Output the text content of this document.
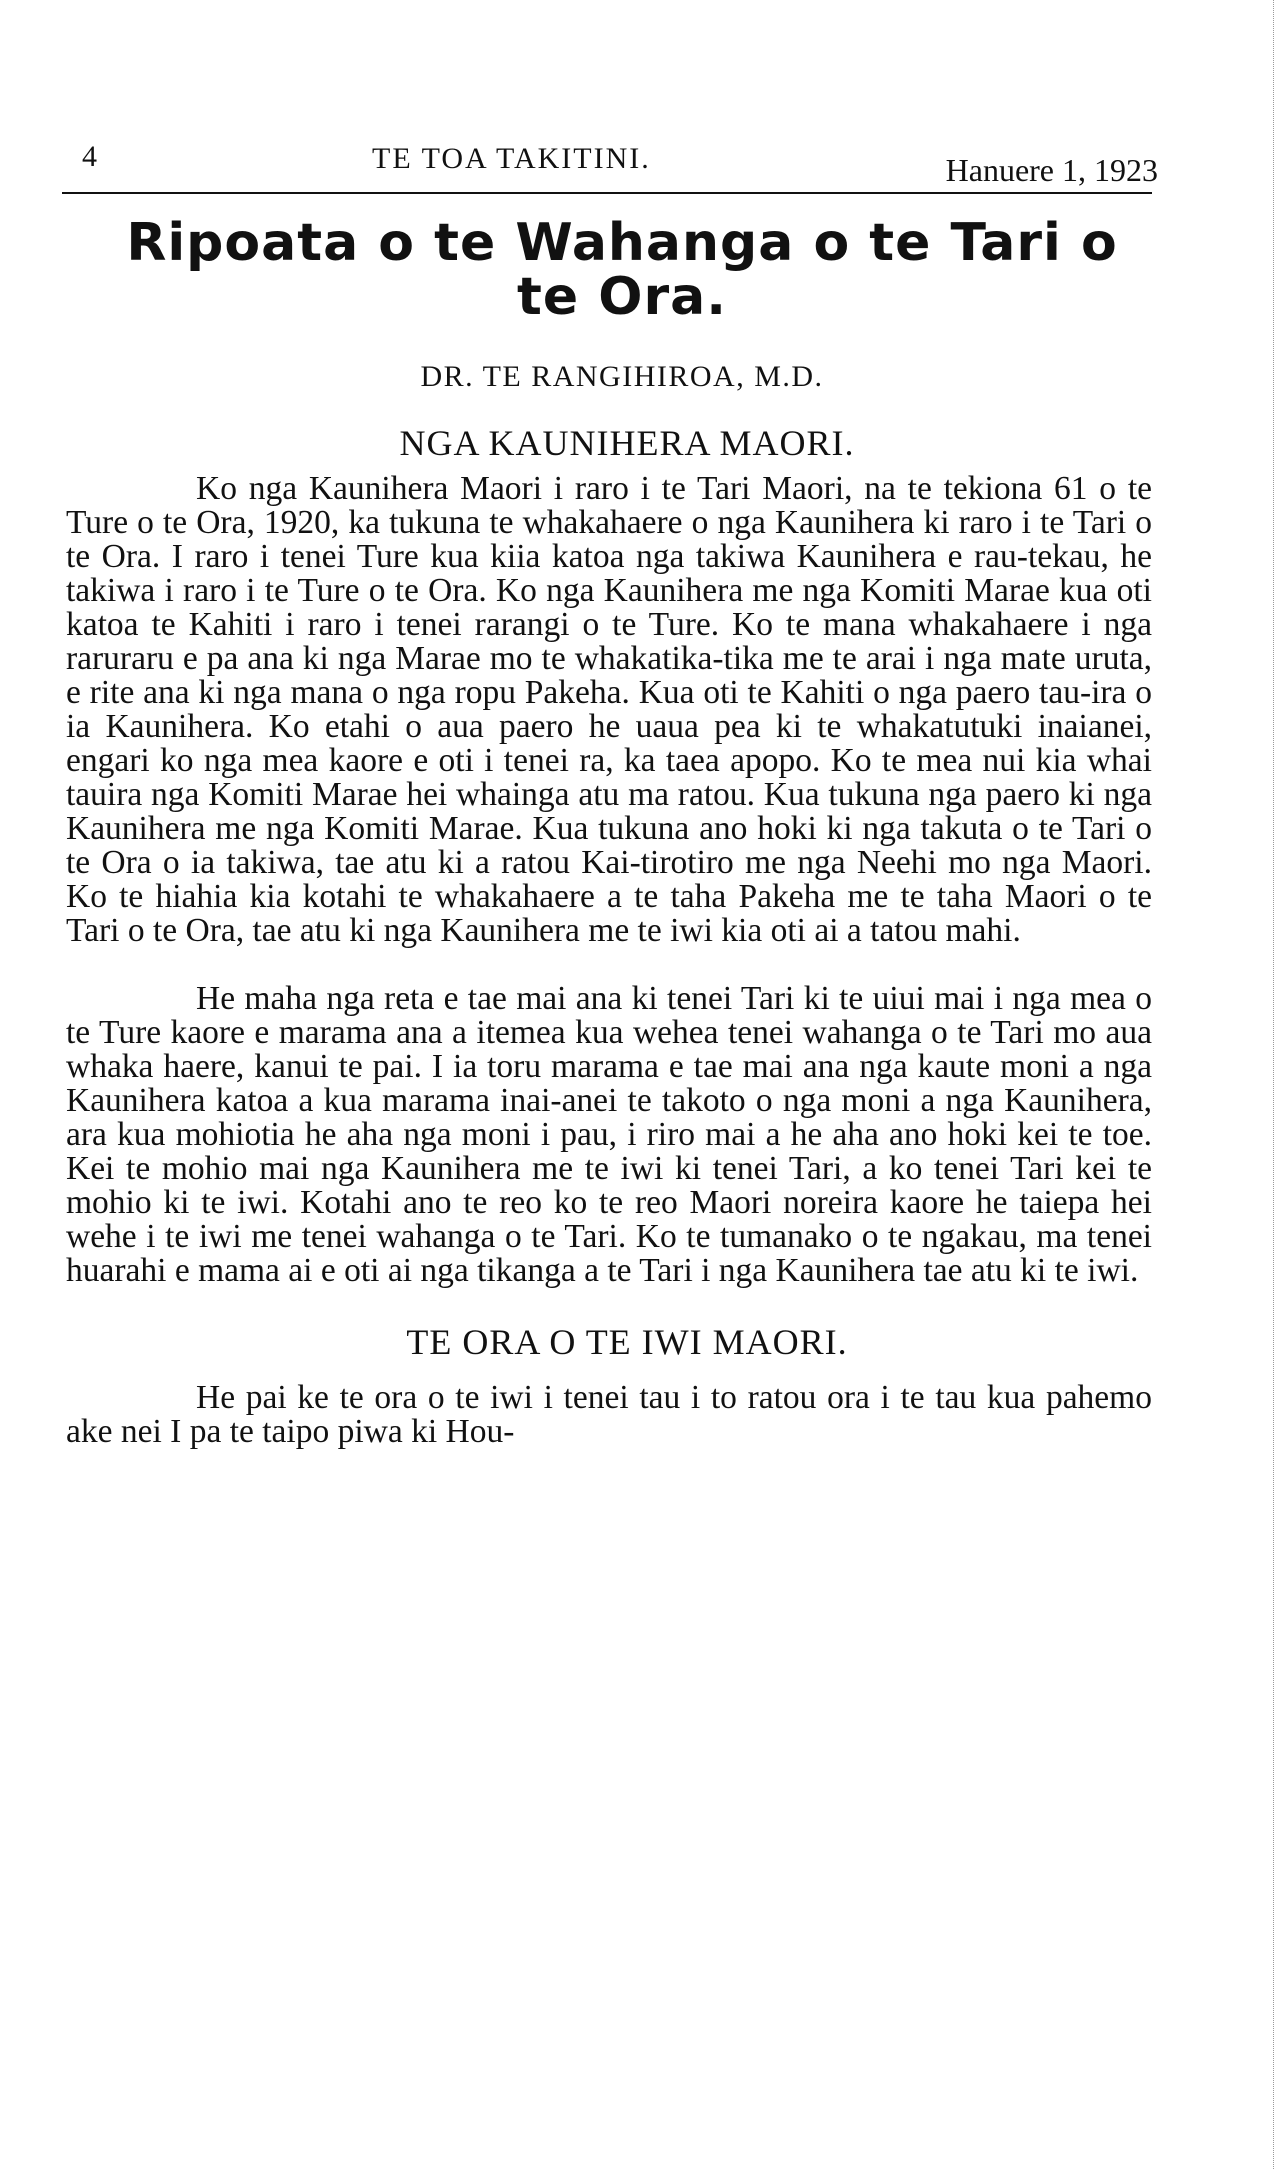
4	TE TOA TAKITINI.	Hanuere 1, 1923
Ripoata o te Wahanga o te Tari o te Ora.
DR. TE RANGIHIROA, M.D.
NGA KAUNIHERA MAORI.

Ko nga Kaunihera Maori i raro i te Tari Maori, na te tekiona 61 o te Ture o te Ora, 1920, ka tukuna te whakahaere o nga Kaunihera ki raro i te Tari o te Ora. I raro i tenei Ture kua kiia katoa nga takiwa Kaunihera e rau-tekau, he takiwa i raro i te Ture o te Ora. Ko nga Kaunihera me nga Komiti Marae kua oti katoa te Kahiti i raro i tenei rarangi o te Ture. Ko te mana whakahaere i nga raruraru e pa ana ki nga Marae mo te whakatika-tika me te arai i nga mate uruta, e rite ana ki nga mana o nga ropu Pakeha. Kua oti te Kahiti o nga paero tau-ira o ia Kaunihera. Ko etahi o aua paero he uaua pea ki te whakatutuki inaianei, engari ko nga mea kaore e oti i tenei ra, ka taea apopo. Ko te mea nui kia whai tauira nga Komiti Marae hei whainga atu ma ratou. Kua tukuna nga paero ki nga Kaunihera me nga Komiti Marae. Kua tukuna ano hoki ki nga takuta o te Tari o te Ora o ia takiwa, tae atu ki a ratou Kai-tirotiro me nga Neehi mo nga Maori. Ko te hiahia kia kotahi te whakahaere a te taha Pakeha me te taha Maori o te Tari o te Ora, tae atu ki nga Kaunihera me te iwi kia oti ai a tatou mahi.

He maha nga reta e tae mai ana ki tenei Tari ki te uiui mai i nga mea o te Ture kaore e marama ana a itemea kua wehea tenei wahanga o te Tari mo aua whaka haere, kanui te pai. I ia toru marama e tae mai ana nga kaute moni a nga Kaunihera katoa a kua marama inai-anei te takoto o nga moni a nga Kaunihera, ara kua mohiotia he aha nga moni i pau, i riro mai a he aha ano hoki kei te toe. Kei te mohio mai nga Kaunihera me te iwi ki tenei Tari, a ko tenei Tari kei te mohio ki te iwi. Kotahi ano te reo ko te reo Maori noreira kaore he taiepa hei wehe i te iwi me tenei wahanga o te Tari. Ko te tumanako o te ngakau, ma tenei huarahi e mama ai e oti ai nga tikanga a te Tari i nga Kaunihera tae atu ki te iwi.

TE ORA O TE IWI MAORI.

He pai ke te ora o te iwi i tenei tau i to ratou ora i te tau kua pahemo ake nei I pa te taipo piwa ki Hou-
